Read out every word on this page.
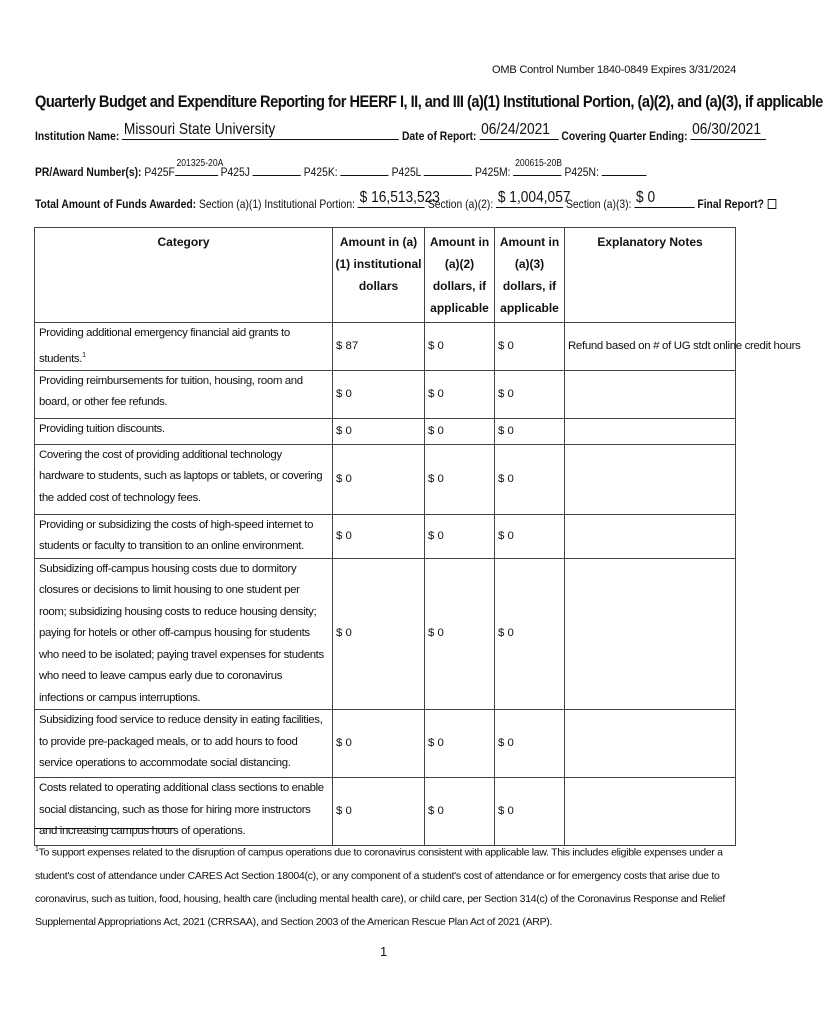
OMB Control Number 1840-0849 Expires 3/31/2024
Quarterly Budget and Expenditure Reporting for HEERF I, II, and III (a)(1) Institutional Portion, (a)(2), and (a)(3), if applicable
Institution Name: Missouri State University	Date of Report: 06/24/2021 Covering Quarter Ending: 06/30/2021
PR/Award Number(s): P425F
201325-20A
P425J	P425K:	P425L	P425M:
200615-20B
P425N:
Total Amount of Funds Awarded: Section (a)(1) Institutional Portion: $ 16,513,523
Section (a)(2): $ 1,004,057
Section (a)(3): $ 0	Final Report?
Category	Amount in (a)(1) institutional dollars	Amount in (a)(2) dollars, if applicable	Amount in (a)(3) dollars, if applicable	Explanatory Notes
Providing additional emergency financial aid grants to students.$^1$	$ 87	$ 0	$ 0	Refund based on # of UG stdt online credit hours
Providing reimbursements for tuition, housing, room and board, or other fee refunds.	$ 0	$ 0	$ 0	
Providing tuition discounts.	$ 0	$ 0	$ 0	
Covering the cost of providing additional technology hardware to students, such as laptops or tablets, or covering the added cost of technology fees.	$ 0	$ 0	$ 0	
Providing or subsidizing the costs of high-speed internet to students or faculty to transition to an online environment.	$ 0	$ 0	$ 0	
Subsidizing off-campus housing costs due to dormitory closures or decisions to limit housing to one student per room; subsidizing housing costs to reduce housing density; paying for hotels or other off-campus housing for students who need to be isolated; paying travel expenses for students who need to leave campus early due to coronavirus infections or campus interruptions.	$ 0	$ 0	$ 0	
Subsidizing food service to reduce density in eating facilities, to provide pre-packaged meals, or to add hours to food service operations to accommodate social distancing.	$ 0	$ 0	$ 0	
Costs related to operating additional class sections to enable social distancing, such as those for hiring more instructors and increasing campus hours of operations.	$ 0	$ 0	$ 0	
$^1$To support expenses related to the disruption of campus operations due to coronavirus consistent with applicable law. This includes eligible expenses under a student's cost of attendance under CARES Act Section 18004(c), or any component of a student's cost of attendance or for emergency costs that arise due to coronavirus, such as tuition, food, housing, health care (including mental health care), or child care, per Section 314(c) of the Coronavirus Response and Relief Supplemental Appropriations Act, 2021 (CRRSAA), and Section 2003 of the American Rescue Plan Act of 2021 (ARP).
1
